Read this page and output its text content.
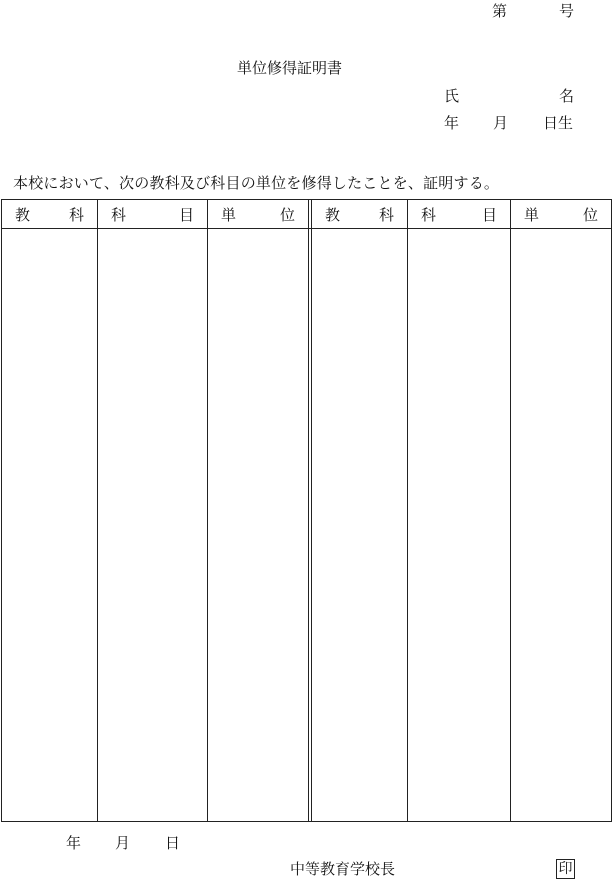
第	号
単位修得証明書
氏	名
年 月 日生
本校において、次の教科及び科目の単位を修得したことを、証明する。
教	科 科	目 単	位 教	科 科	目 単	位
年 月 日
中等教育学校長	印
